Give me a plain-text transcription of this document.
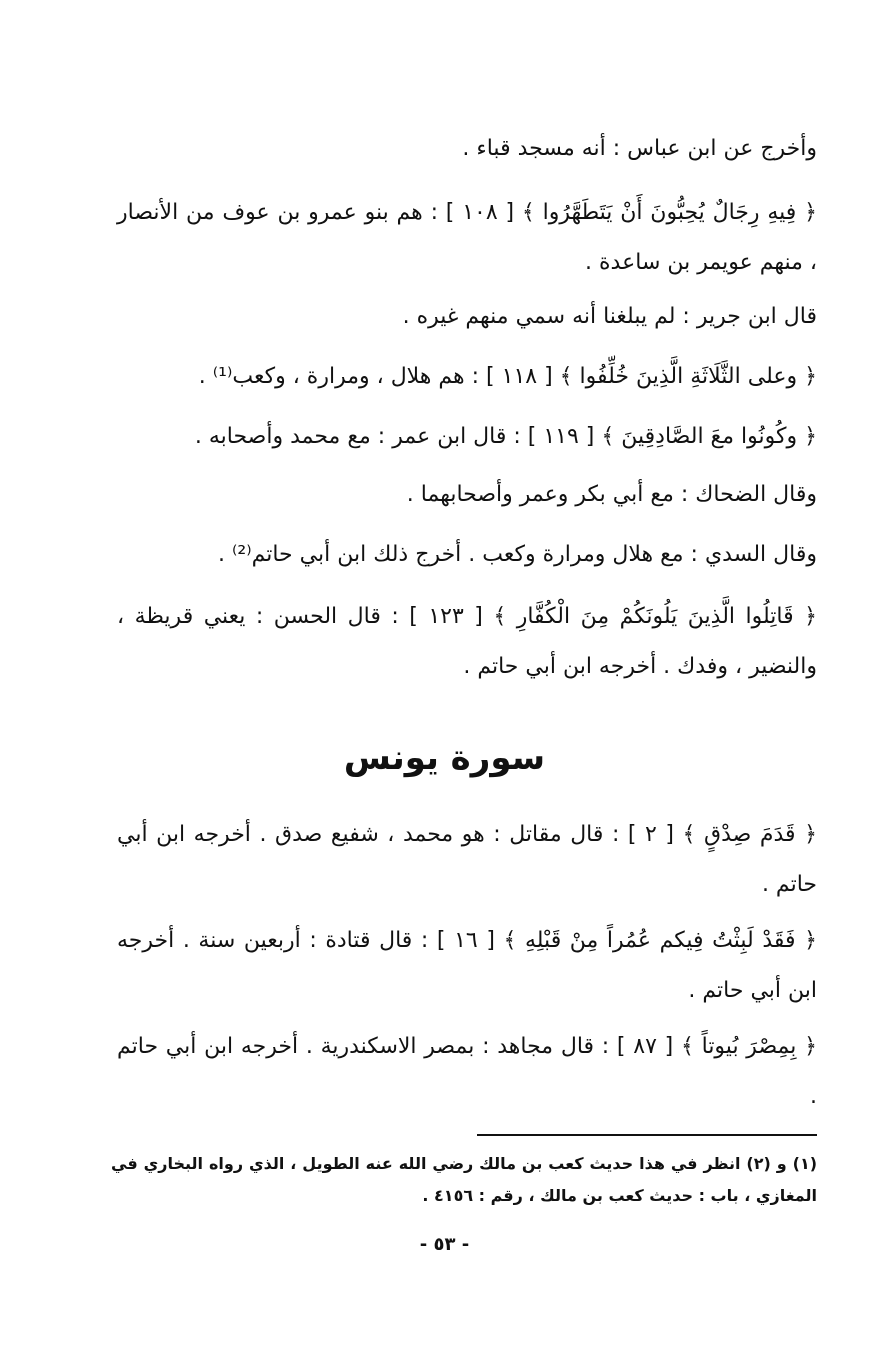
وأخرج عن ابن عباس : أنه مسجد قباء .

﴿ فِيهِ رِجَالٌ يُحِبُّونَ أَنْ يَتَطَهَّرُوا ﴾ [ ١٠٨ ] : هم بنو عمرو بن عوف من الأنصار ، منهم عويمر بن ساعدة .

قال ابن جرير : لم يبلغنا أنه سمي منهم غيره .

﴿ وعلى الثَّلَاثَةِ الَّذِينَ خُلِّفُوا ﴾ [ ١١٨ ] : هم هلال ، ومرارة ، وكعب⁽¹⁾ .

﴿ وكُونُوا معَ الصَّادِقِينَ ﴾ [ ١١٩ ] : قال ابن عمر : مع محمد وأصحابه .

وقال الضحاك : مع أبي بكر وعمر وأصحابهما .

وقال السدي : مع هلال ومرارة وكعب . أخرج ذلك ابن أبي حاتم⁽²⁾ .

﴿ قَاتِلُوا الَّذِينَ يَلُونَكُمْ مِنَ الْكُفَّارِ ﴾ [ ١٢٣ ] : قال الحسن : يعني قريظة ، والنضير ، وفدك . أخرجه ابن أبي حاتم .

سورة يونس

﴿ قَدَمَ صِدْقٍ ﴾ [ ٢ ] : قال مقاتل : هو محمد ، شفيع صدق . أخرجه ابن أبي حاتم .

﴿ فَقَدْ لَبِثْتُ فِيكم عُمُراً مِنْ قَبْلِهِ ﴾ [ ١٦ ] : قال قتادة : أربعين سنة . أخرجه ابن أبي حاتم .

﴿ بِمِصْرَ بُيوتاً ﴾ [ ٨٧ ] : قال مجاهد : بمصر الاسكندرية . أخرجه ابن أبي حاتم .

(١) و (٢) انظر في هذا حديث كعب بن مالك رضي الله عنه الطويل ، الذي رواه البخاري في المغازي ، باب : حديث كعب بن مالك ، رقم : ٤١٥٦ .

- ٥٣ -
